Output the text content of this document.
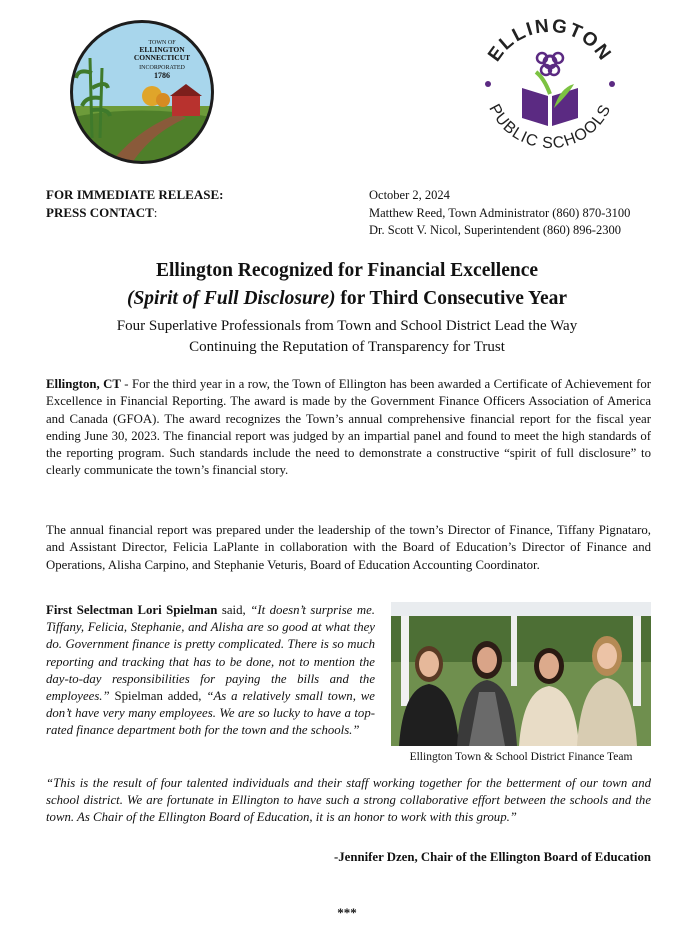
TOWN OF
ELLINGTON
CONNECTICUT
INCORPORATED
1786
ELLINGTON
PUBLIC SCHOOLS
FOR IMMEDIATE RELEASE:
PRESS CONTACT:
October 2, 2024
Matthew Reed, Town Administrator (860) 870-3100
Dr. Scott V. Nicol, Superintendent (860) 896-2300
Ellington Recognized for Financial Excellence
(Spirit of Full Disclosure) for Third Consecutive Year
Four Superlative Professionals from Town and School District Lead the Way
Continuing the Reputation of Transparency for Trust
Ellington, CT - For the third year in a row, the Town of Ellington has been awarded a Certificate of Achievement for Excellence in Financial Reporting. The award is made by the Government Finance Officers Association of America and Canada (GFOA). The award recognizes the Town’s annual comprehensive financial report for the fiscal year ending June 30, 2023. The financial report was judged by an impartial panel and found to meet the high standards of the reporting program. Such standards include the need to demonstrate a constructive “spirit of full disclosure” to clearly communicate the town’s financial story.
The annual financial report was prepared under the leadership of the town’s Director of Finance, Tiffany Pignataro, and Assistant Director, Felicia LaPlante in collaboration with the Board of Education’s Director of Finance and Operations, Alisha Carpino, and Stephanie Veturis, Board of Education Accounting Coordinator.
First Selectman Lori Spielman said, “It doesn’t surprise me. Tiffany, Felicia, Stephanie, and Alisha are so good at what they do. Government finance is pretty complicated. There is so much reporting and tracking that has to be done, not to mention the day-to-day responsibilities for paying the bills and the employees.” Spielman added, “As a relatively small town, we don’t have very many employees. We are so lucky to have a top-rated finance department both for the town and the schools.”
Ellington Town & School District Finance Team
“This is the result of four talented individuals and their staff working together for the betterment of our town and school district. We are fortunate in Ellington to have such a strong collaborative effort between the schools and the town. As Chair of the Ellington Board of Education, it is an honor to work with this group.”
-Jennifer Dzen, Chair of the Ellington Board of Education
***
